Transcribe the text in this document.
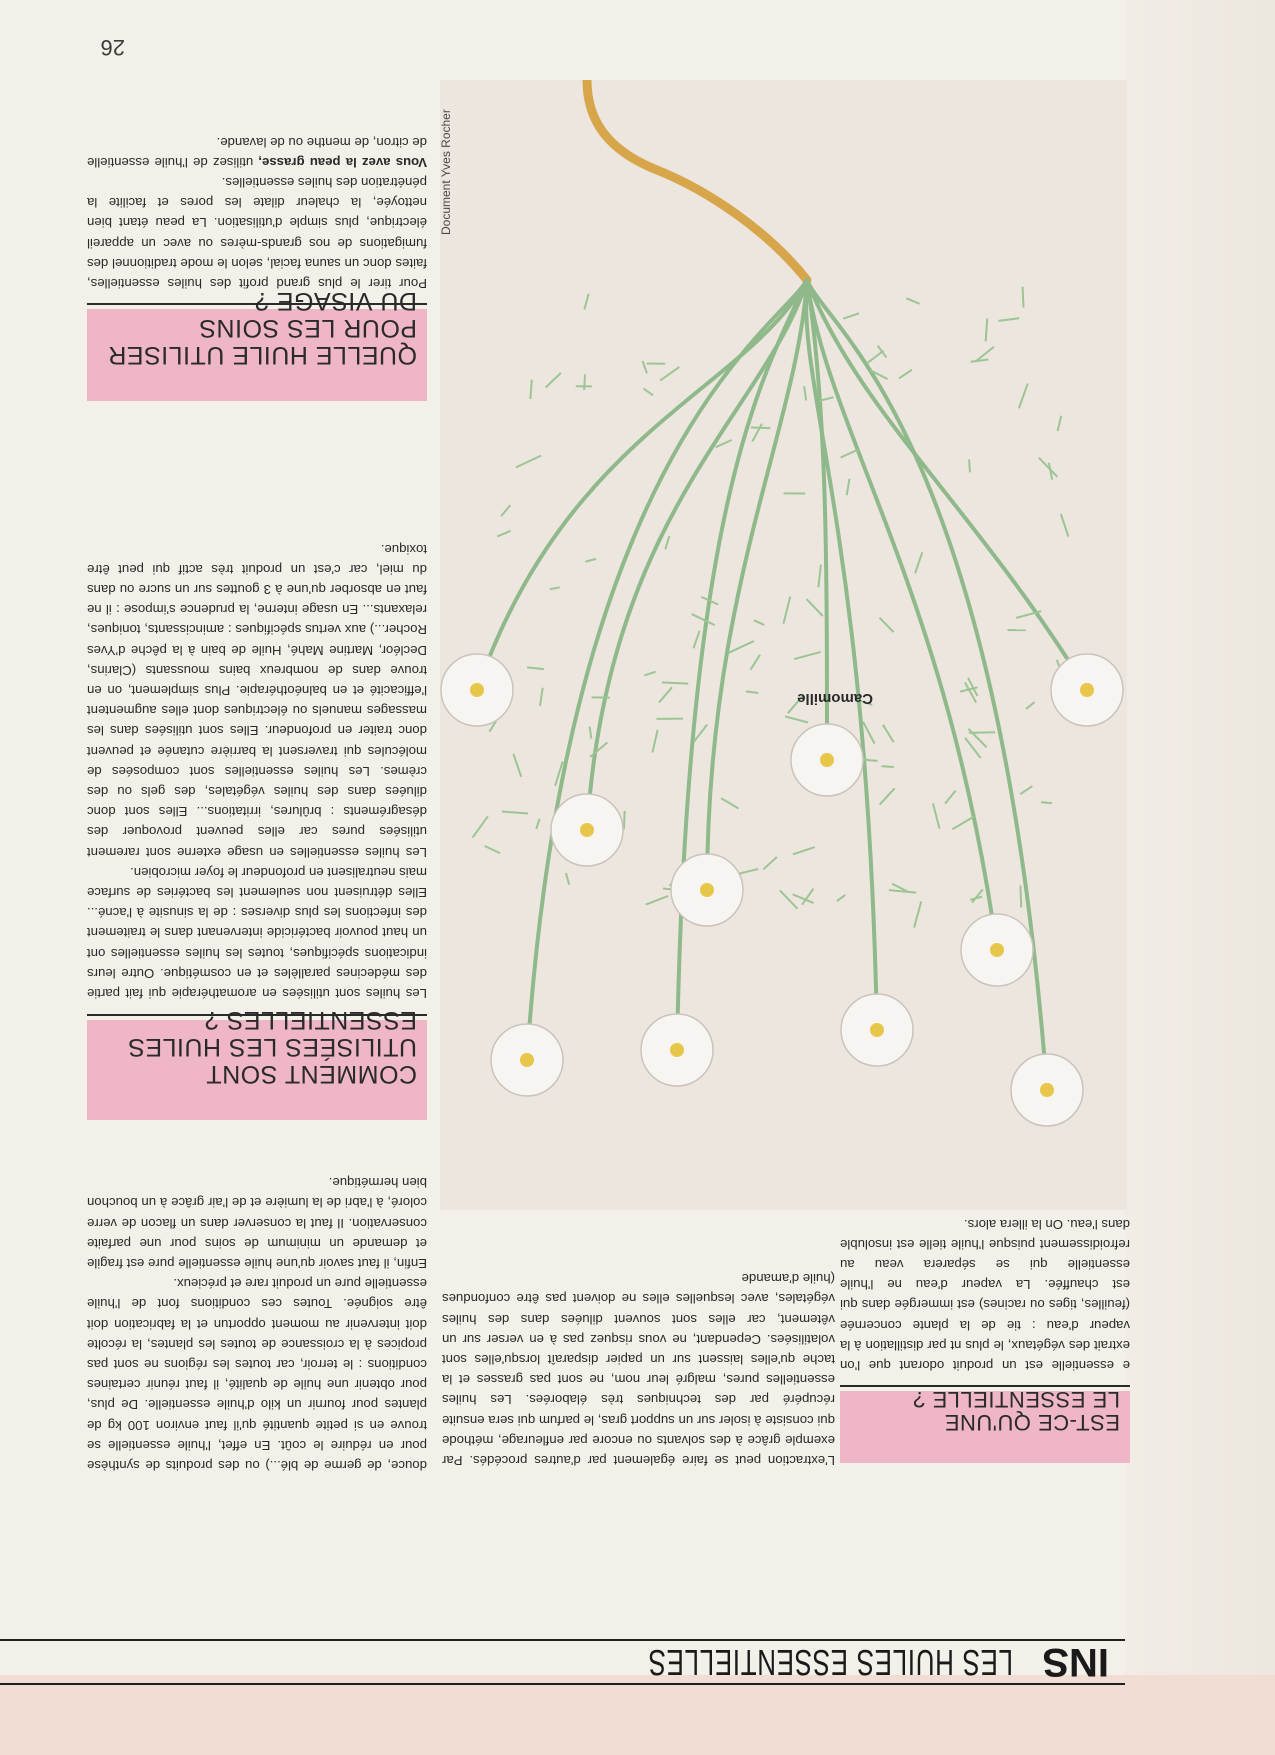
INS
LES HUILES ESSENTIELLES

EST-CE QU'UNE
LE ESSENTIELLE ?

e essentielle est un produit odorant que l'on extrait des végétaux, le plus nt par distillation à la vapeur d'eau : tie de la plante concernée (feuilles, tiges ou racines) est immergée dans qui est chauffée. La vapeur d'eau ne l'huile essentielle qui se séparera veau au refroidissement puisque l'huile tielle est insoluble dans l'eau. On la illera alors.
L'extraction peut se faire également par d'autres procédés. Par exemple grâce à des solvants ou encore par enfleurage, méthode qui consiste à isoler sur un support gras, le parfum qui sera ensuite récupéré par des techniques très élaborées. Les huiles essentielles pures, malgré leur nom, ne sont pas grasses et la tache qu'elles laissent sur un papier disparaît lorsqu'elles sont volatilisées. Cependant, ne vous risquez pas à en verser sur un vêtement, car elles sont souvent diluées dans des huiles végétales, avec lesquelles elles ne doivent pas être confondues (huile d'amande
Camomille
Document Yves Rocher
douce, de germe de blé...) ou des produits de synthèse pour en réduire le coût. En effet, l'huile essentielle se trouve en si petite quantité qu'il faut environ 100 kg de plantes pour fournir un kilo d'huile essentielle. De plus, pour obtenir une huile de qualité, il faut réunir certaines conditions : le terroir, car toutes les régions ne sont pas propices à la croissance de toutes les plantes, la récolte doit intervenir au moment opportun et la fabrication doit être soignée. Toutes ces conditions font de l'huile essentielle pure un produit rare et précieux.
Enfin, il faut savoir qu'une huile essentielle pure est fragile et demande un minimum de soins pour une parfaite conservation. Il faut la conserver dans un flacon de verre coloré, à l'abri de la lumière et de l'air grâce à un bouchon bien hermétique.

COMMENT SONT
UTILISÉES LES HUILES
ESSENTIELLES ?

Les huiles sont utilisées en aromathérapie qui fait partie des médecines parallèles et en cosmétique. Outre leurs indications spécifiques, toutes les huiles essentielles ont un haut pouvoir bactéricide intervenant dans le traitement des infections les plus diverses : de la sinusite à l'acné... Elles détruisent non seulement les bactéries de surface mais neutralisent en profondeur le foyer microbien.
Les huiles essentielles en usage externe sont rarement utilisées pures car elles peuvent provoquer des désagréments : brûlures, irritations... Elles sont donc diluées dans des huiles végétales, des gels ou des crèmes. Les huiles essentielles sont composées de molécules qui traversent la barrière cutanée et peuvent donc traiter en profondeur. Elles sont utilisées dans les massages manuels ou électriques dont elles augmentent l'efficacité et en balnéothérapie. Plus simplement, on en trouve dans de nombreux bains moussants (Clarins, Decléor, Martine Mahé, Huile de bain à la pêche d'Yves Rocher...) aux vertus spécifiques : amincissants, toniques, relaxants... En usage interne, la prudence s'impose : il ne faut en absorber qu'une à 3 gouttes sur un sucre ou dans du miel, car c'est un produit très actif qui peut être toxique.

QUELLE HUILE UTILISER
POUR LES SOINS
DU VISAGE ?

Pour tirer le plus grand profit des huiles essentielles, faites donc un sauna facial, selon le mode traditionnel des fumigations de nos grands-mères ou avec un appareil électrique, plus simple d'utilisation. La peau étant bien nettoyée, la chaleur dilate les pores et facilite la pénétration des huiles essentielles.
Vous avez la peau grasse, utilisez de l'huile essentielle de citron, de menthe ou de lavande.
26
